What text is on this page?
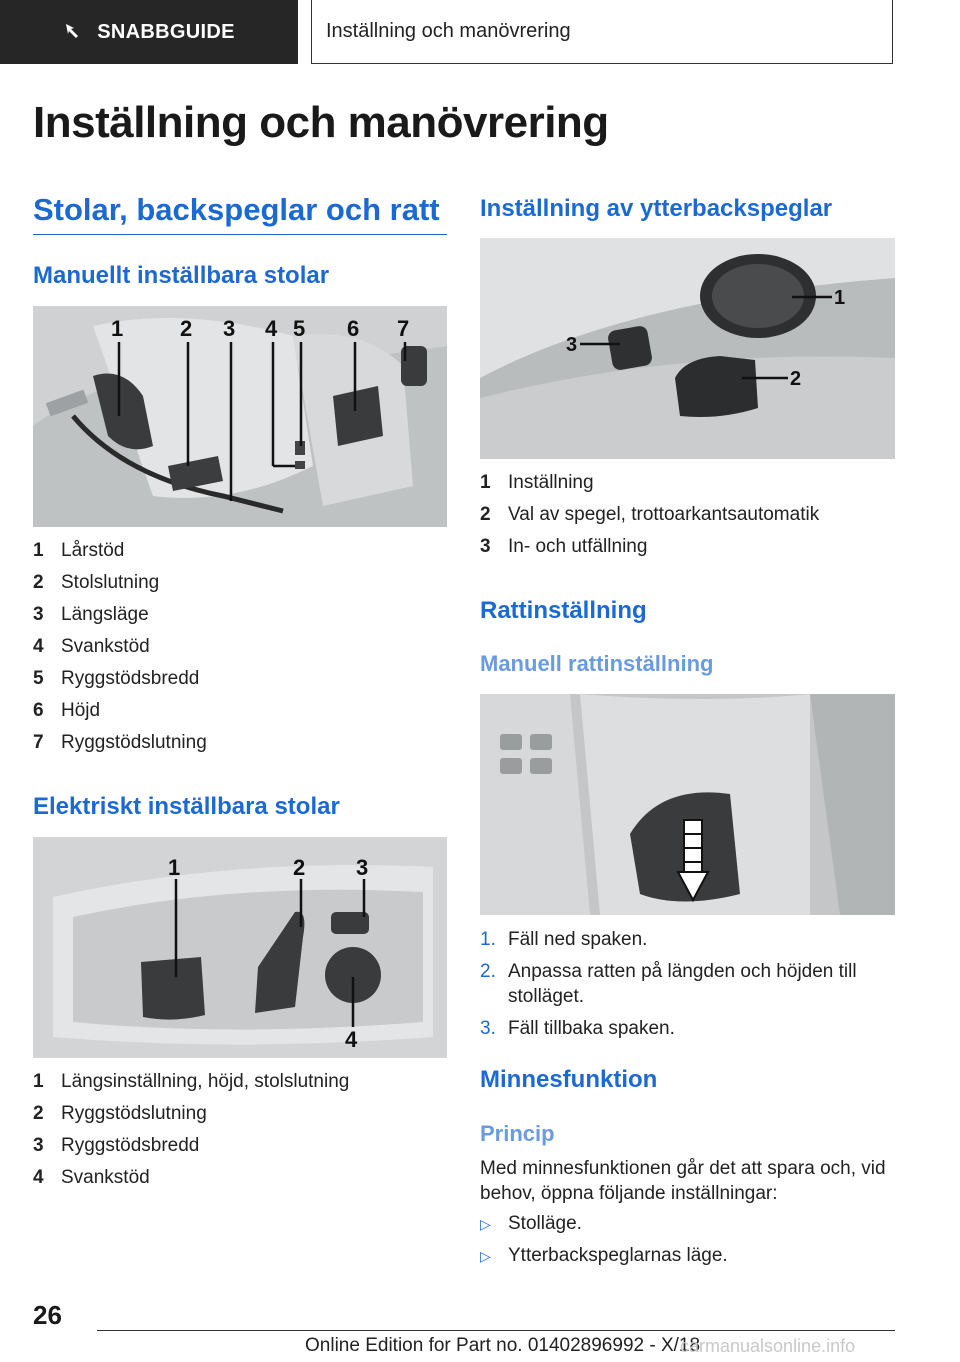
SNABBGUIDE	Inställning och manövrering
Inställning och manövrering
Stolar, backspeglar och ratt
Manuellt inställbara stolar
1	2 3 4 5 6 7
1 Lårstöd
2 Stolslutning
3 Längsläge
4 Svankstöd
5 Ryggstödsbredd
6 Höjd
7 Ryggstödslutning
Elektriskt inställbara stolar
1	2 3
4
1 Längsinställning, höjd, stolslutning
2 Ryggstödslutning
3 Ryggstödsbredd
4 Svankstöd
Inställning av ytterbackspeglar
1
2
3
1 Inställning
2 Val av spegel, trottoarkantsautomatik
3 In- och utfällning
Rattinställning
Manuell rattinställning
1. Fäll ned spaken.
2. Anpassa ratten på längden och höjden till stolläget.
3. Fäll tillbaka spaken.
Minnesfunktion
Princip

Med minnesfunktionen går det att spara och, vid behov, öppna följande inställningar:

▷ Stolläge.
▷ Ytterbackspeglarnas läge.
26
Online Edition for Part no. 01402896992 - X/18
carmanualsonline.info
